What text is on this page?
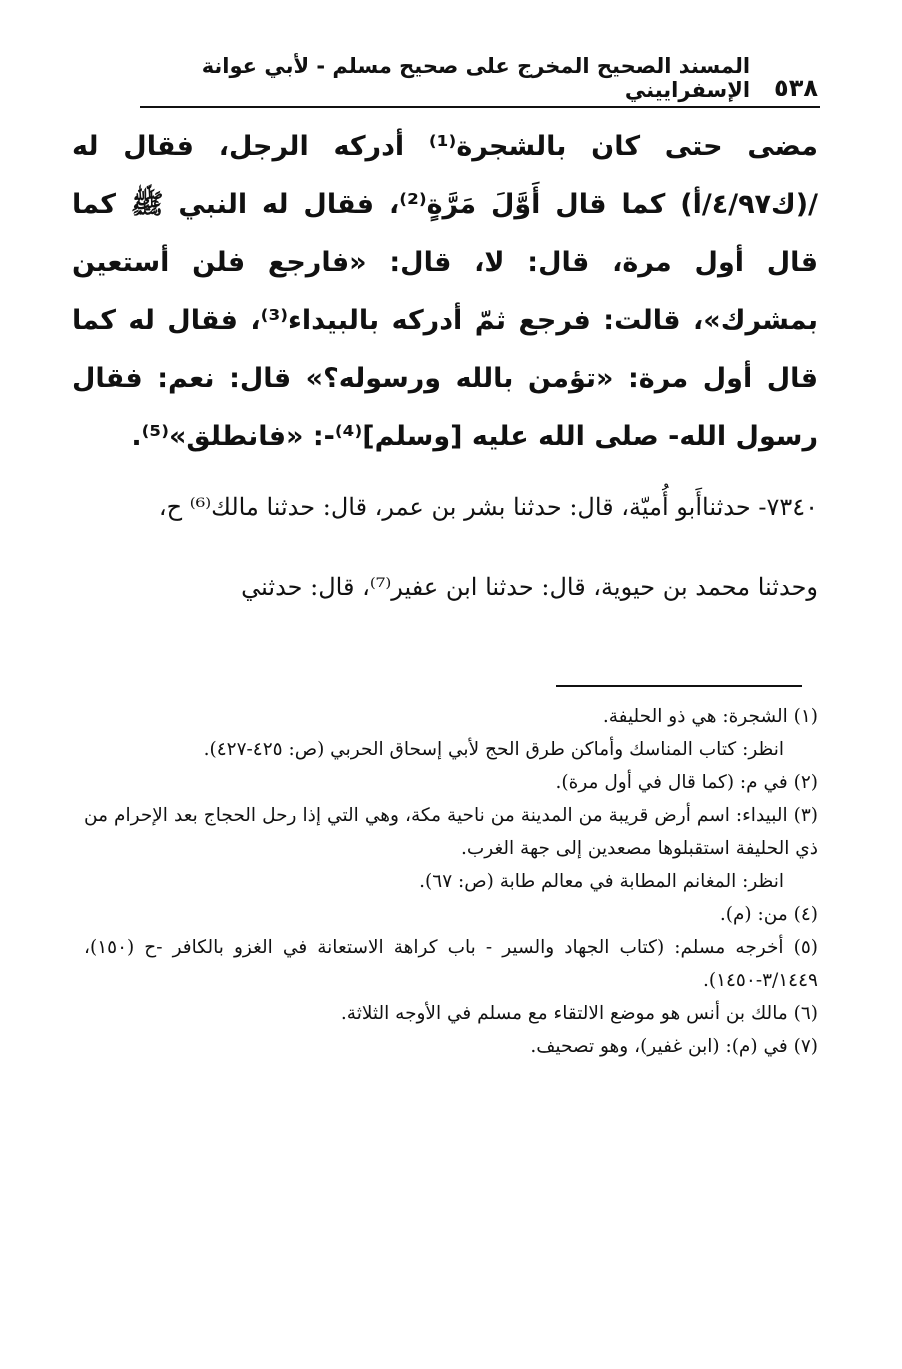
٥٣٨
المسند الصحيح المخرج على صحيح مسلم - لأبي عوانة الإسفراييني

مضى حتى كان بالشجرة⁽¹⁾ أدركه الرجل، فقال له /(ك٤/٩٧/أ) كما قال أَوَّلَ مَرَّةٍ⁽²⁾، فقال له النبي ﷺ كما قال أول مرة، قال: لا، قال: «فارجع فلن أستعين بمشرك»، قالت: فرجع ثمّ أدركه بالبيداء⁽³⁾، فقال له كما قال أول مرة: «تؤمن بالله ورسوله؟» قال: نعم: فقال رسول الله- صلى الله عليه [وسلم]⁽⁴⁾-: «فانطلق»⁽⁵⁾.

٧٣٤٠- حدثناأَبو أُميّة، قال: حدثنا بشر بن عمر، قال: حدثنا مالك⁽⁶⁾ ح،

وحدثنا محمد بن حيوية، قال: حدثنا ابن عفير⁽⁷⁾، قال: حدثني

(١) الشجرة: هي ذو الحليفة.

انظر: كتاب المناسك وأماكن طرق الحج لأبي إسحاق الحربي (ص: ٤٢٥-٤٢٧).

(٢) في م: (كما قال في أول مرة).

(٣) البيداء: اسم أرض قريبة من المدينة من ناحية مكة، وهي التي إذا رحل الحجاج بعد الإحرام من ذي الحليفة استقبلوها مصعدين إلى جهة الغرب.

انظر: المغانم المطابة في معالم طابة (ص: ٦٧).

(٤) من: (م).

(٥) أخرجه مسلم: (كتاب الجهاد والسير - باب كراهة الاستعانة في الغزو بالكافر -ح (١٥٠)، ٣/١٤٤٩-١٤٥٠).

(٦) مالك بن أنس هو موضع الالتقاء مع مسلم في الأوجه الثلاثة.

(٧) في (م): (ابن غفير)، وهو تصحيف.
